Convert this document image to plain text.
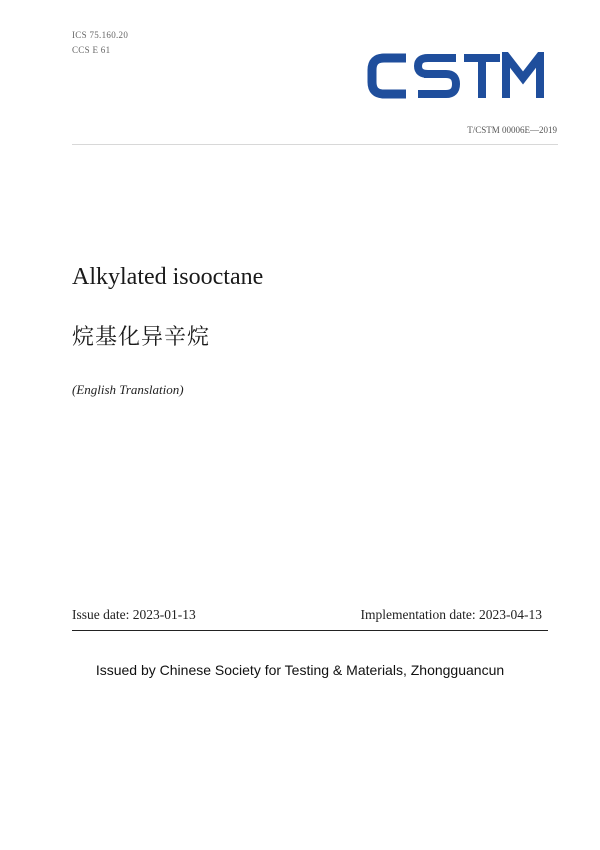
ICS 75.160.20
CCS E 61
T/CSTM 00006E—2019
Alkylated isooctane
烷基化异辛烷
(English Translation)
Issue date: 2023-01-13	Implementation date: 2023-04-13
Issued by Chinese Society for Testing & Materials, Zhongguancun
